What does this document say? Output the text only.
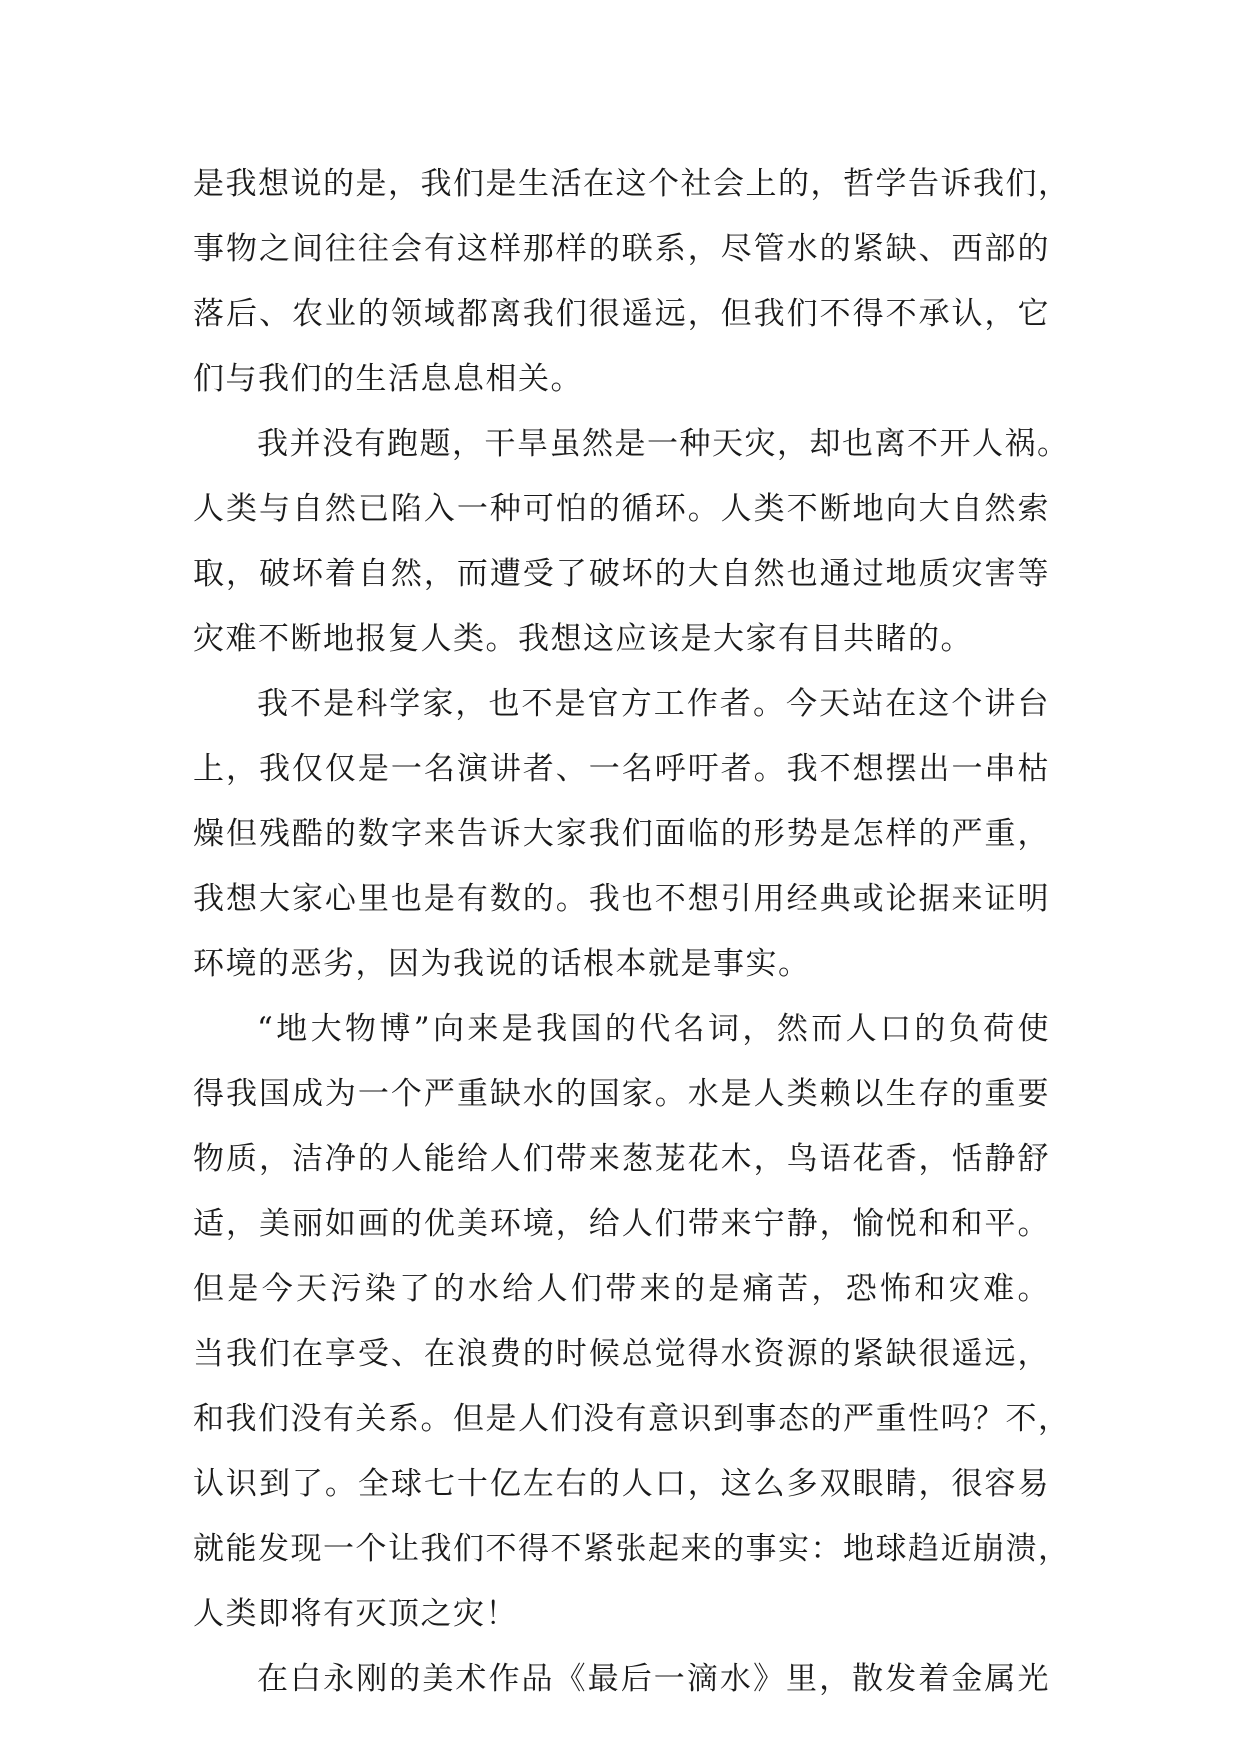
是我想说的是，我们是生活在这个社会上的，哲学告诉我们，
事物之间往往会有这样那样的联系，尽管水的紧缺、西部的
落后、农业的领域都离我们很遥远，但我们不得不承认，它
们与我们的生活息息相关。
我并没有跑题，干旱虽然是一种天灾，却也离不开人祸。
人类与自然已陷入一种可怕的循环。人类不断地向大自然索
取，破坏着自然，而遭受了破坏的大自然也通过地质灾害等
灾难不断地报复人类。我想这应该是大家有目共睹的。
我不是科学家，也不是官方工作者。今天站在这个讲台
上，我仅仅是一名演讲者、一名呼吁者。我不想摆出一串枯
燥但残酷的数字来告诉大家我们面临的形势是怎样的严重，
我想大家心里也是有数的。我也不想引用经典或论据来证明
环境的恶劣，因为我说的话根本就是事实。
“地大物博”向来是我国的代名词，然而人口的负荷使
得我国成为一个严重缺水的国家。水是人类赖以生存的重要
物质，洁净的人能给人们带来葱茏花木，鸟语花香，恬静舒
适，美丽如画的优美环境，给人们带来宁静，愉悦和和平。
但是今天污染了的水给人们带来的是痛苦，恐怖和灾难。
当我们在享受、在浪费的时候总觉得水资源的紧缺很遥远，
和我们没有关系。但是人们没有意识到事态的严重性吗？不，
认识到了。全球七十亿左右的人口，这么多双眼睛，很容易
就能发现一个让我们不得不紧张起来的事实：地球趋近崩溃，
人类即将有灭顶之灾！
在白永刚的美术作品《最后一滴水》里，散发着金属光
